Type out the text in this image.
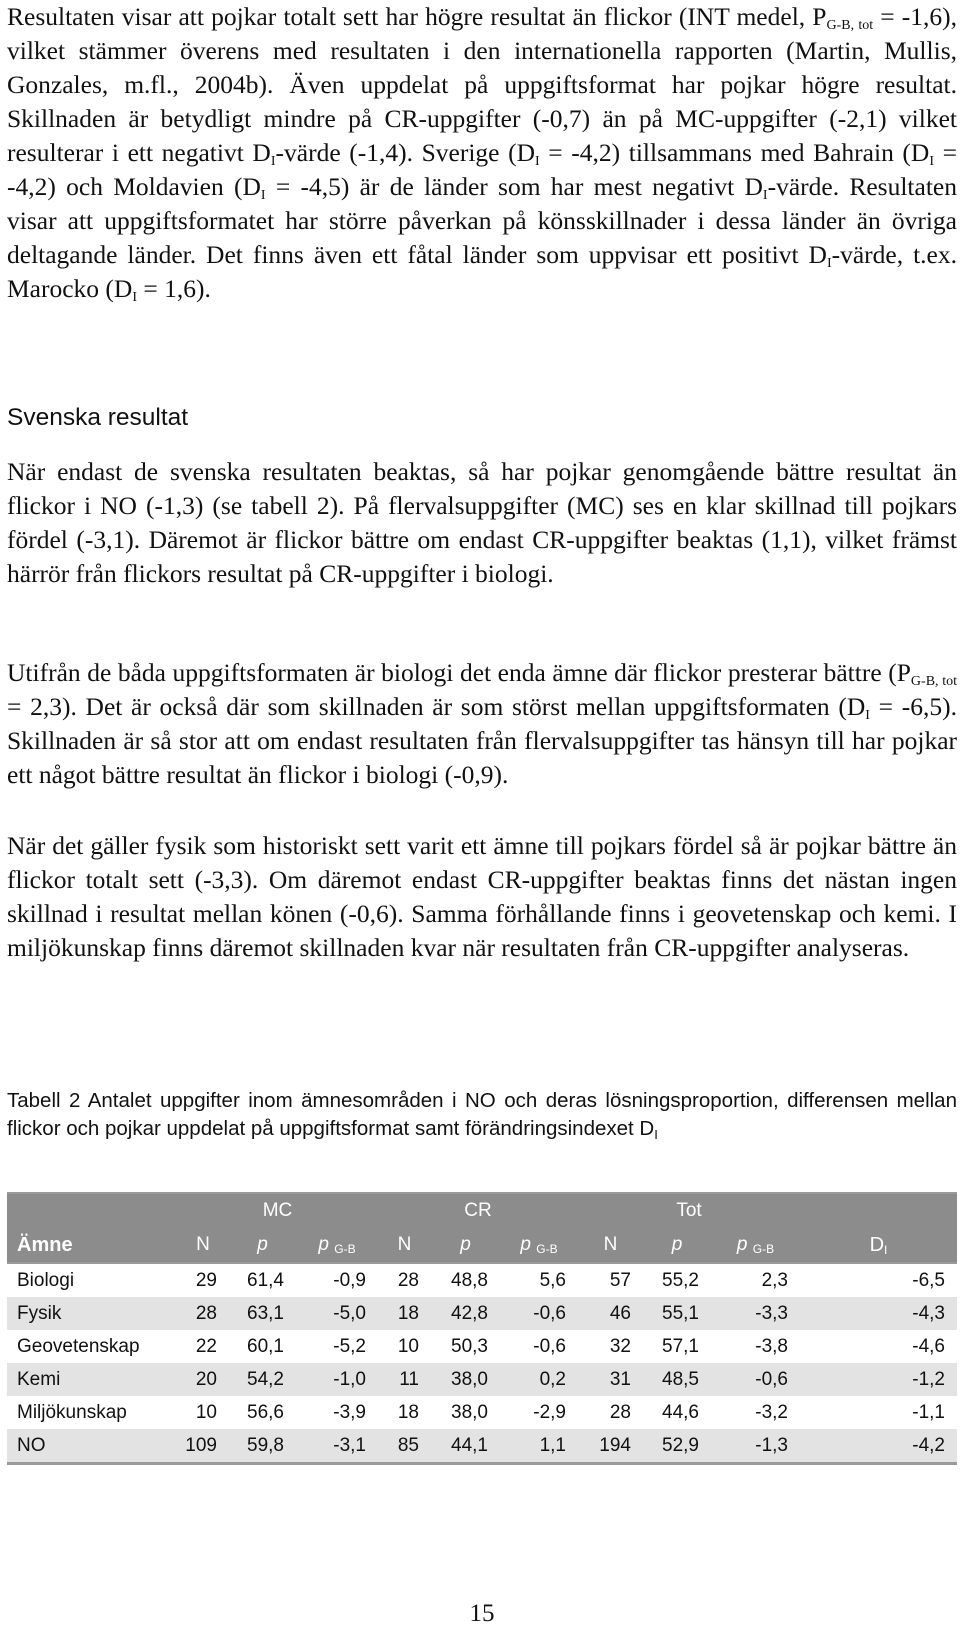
Resultaten visar att pojkar totalt sett har högre resultat än flickor (INT medel, $P_{G-B, tot} = -1,6$), vilket stämmer överens med resultaten i den internationella rapporten (Martin, Mullis, Gonzales, m.fl., 2004b). Även uppdelat på uppgiftsformat har pojkar högre resultat. Skillnaden är betydligt mindre på CR-uppgifter (-0,7) än på MC-uppgifter (-2,1) vilket resulterar i ett negativt $D_I$-värde (-1,4). Sverige $(D_I = -4,2)$ tillsammans med Bahrain $(D_I = -4,2)$ och Moldavien $(D_I = -4,5)$ är de länder som har mest negativt $D_I$-värde. Resultaten visar att uppgiftsformatet har större påverkan på könsskillnader i dessa länder än övriga deltagande länder. Det finns även ett fåtal länder som uppvisar ett positivt $D_I$-värde, t.ex. Marocko $(D_I = 1,6)$.

Svenska resultat

När endast de svenska resultaten beaktas, så har pojkar genomgående bättre resultat än flickor i NO (-1,3) (se tabell 2). På flervalsuppgifter (MC) ses en klar skillnad till pojkars fördel (-3,1). Däremot är flickor bättre om endast CR-uppgifter beaktas (1,1), vilket främst härrör från flickors resultat på CR-uppgifter i biologi.

Utifrån de båda uppgiftsformaten är biologi det enda ämne där flickor presterar bättre $(P_{G-B, tot} = 2,3)$. Det är också där som skillnaden är som störst mellan uppgiftsformaten $(D_I = -6,5)$. Skillnaden är så stor att om endast resultaten från flervalsuppgifter tas hänsyn till har pojkar ett något bättre resultat än flickor i biologi (-0,9).

När det gäller fysik som historiskt sett varit ett ämne till pojkars fördel så är pojkar bättre än flickor totalt sett (-3,3). Om däremot endast CR-uppgifter beaktas finns det nästan ingen skillnad i resultat mellan könen (-0,6). Samma förhållande finns i geovetenskap och kemi. I miljökunskap finns däremot skillnaden kvar när resultaten från CR-uppgifter analyseras.

Tabell 2 Antalet uppgifter inom ämnesområden i NO och deras lösningsproportion, differensen mellan flickor och pojkar uppdelat på uppgiftsformat samt förändringsindexet DI

	MC			CR			Tot			
Ämne	N	p	p G-B	N	p	p G-B	N	p	p G-B	DI
Biologi	29	61,4	-0,9	28	48,8	5,6	57	55,2	2,3	-6,5
Fysik	28	63,1	-5,0	18	42,8	-0,6	46	55,1	-3,3	-4,3
Geovetenskap	22	60,1	-5,2	10	50,3	-0,6	32	57,1	-3,8	-4,6
Kemi	20	54,2	-1,0	11	38,0	0,2	31	48,5	-0,6	-1,2
Miljökunskap	10	56,6	-3,9	18	38,0	-2,9	28	44,6	-3,2	-1,1
NO	109	59,8	-3,1	85	44,1	1,1	194	52,9	-1,3	-4,2
15
